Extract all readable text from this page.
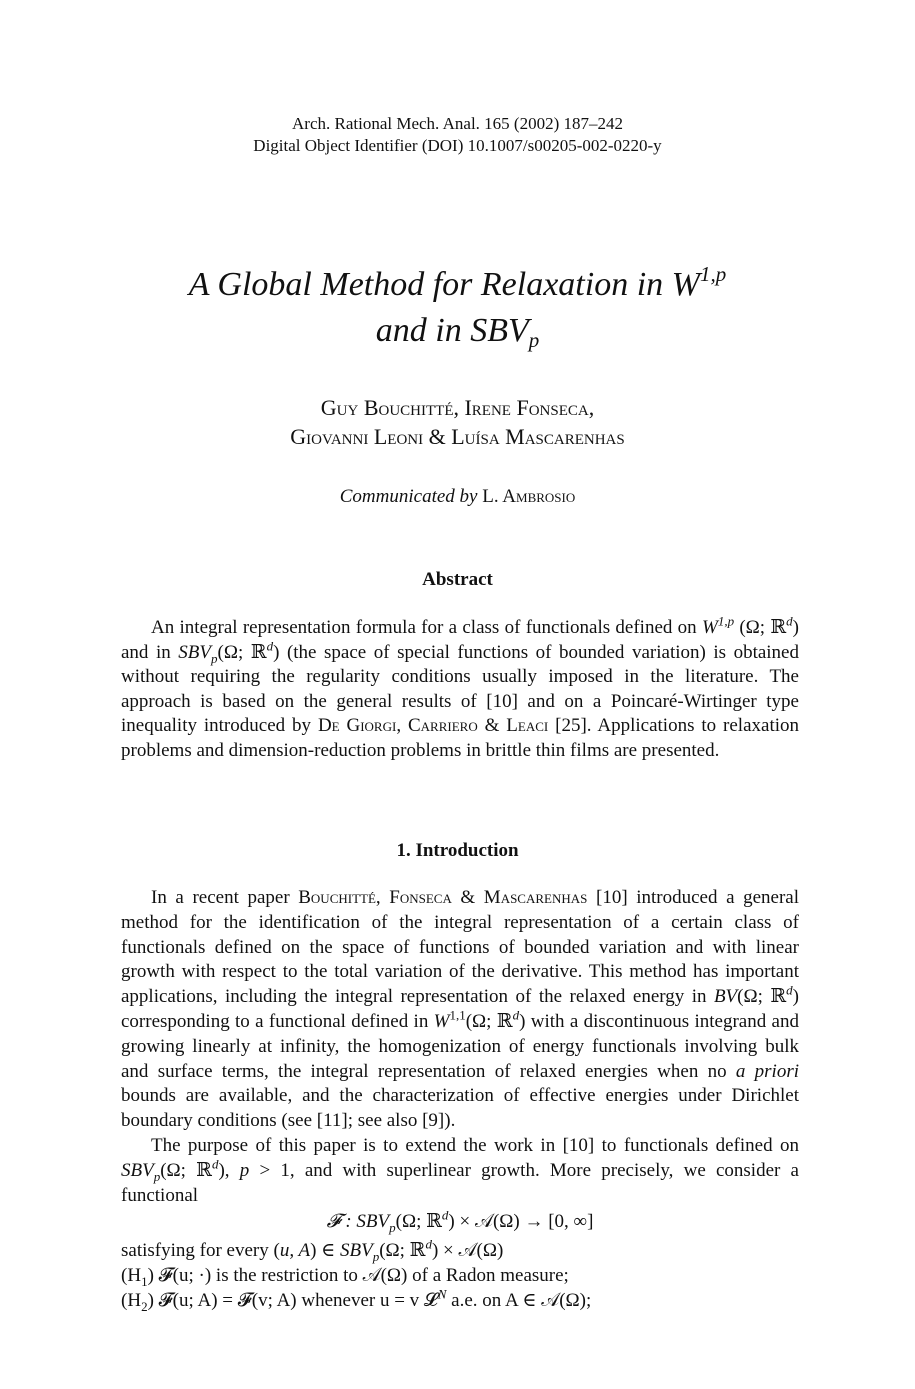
Arch. Rational Mech. Anal. 165 (2002) 187–242
Digital Object Identifier (DOI) 10.1007/s00205-002-0220-y
A Global Method for Relaxation in W$^{1,p}$
and in $SBV_p$
Guy Bouchitté, Irene Fonseca,
Giovanni Leoni & Luísa Mascarenhas
Communicated by L. Ambrosio
Abstract

An integral representation formula for a class of functionals defined on W$^{1,p}$ (Ω; ℝ$^d$) and in $SBV_p(\Omega$; ℝ$^d$) (the space of special functions of bounded variation) is obtained without requiring the regularity conditions usually imposed in the literature. The approach is based on the general results of [10] and on a Poincaré-Wirtinger type inequality introduced by De Giorgi, Carriero & Leaci [25]. Applications to relaxation problems and dimension-reduction problems in brittle thin films are presented.

1. Introduction

In a recent paper Bouchitté, Fonseca & Mascarenhas [10] introduced a general method for the identification of the integral representation of a certain class of functionals defined on the space of functions of bounded variation and with linear growth with respect to the total variation of the derivative. This method has important applications, including the integral representation of the relaxed energy in BV(Ω; ℝ$^d$) corresponding to a functional defined in W$^{1,1}$(Ω; ℝ$^d$) with a discontinuous integrand and growing linearly at infinity, the homogenization of energy functionals involving bulk and surface terms, the integral representation of relaxed energies when no a priori bounds are available, and the characterization of effective energies under Dirichlet boundary conditions (see [11]; see also [9]).

The purpose of this paper is to extend the work in [10] to functionals defined on $SBV_p(\Omega$; ℝ$^d$), p > 1, and with superlinear growth. More precisely, we consider a functional

𝓕 : $SBV_p(\Omega$; ℝ$^d$) × 𝒜(Ω) → [0, ∞]

satisfying for every (u, A) ∈ $SBV_p(\Omega$; ℝ$^d$) × 𝒜(Ω)

$(H_1)$ 𝓕(u; ·) is the restriction to 𝒜(Ω) of a Radon measure;

$(H_2)$ 𝓕(u; A) = 𝓕(v; A) whenever u = v 𝓛$^N$ a.e. on A ∈ 𝒜(Ω);
